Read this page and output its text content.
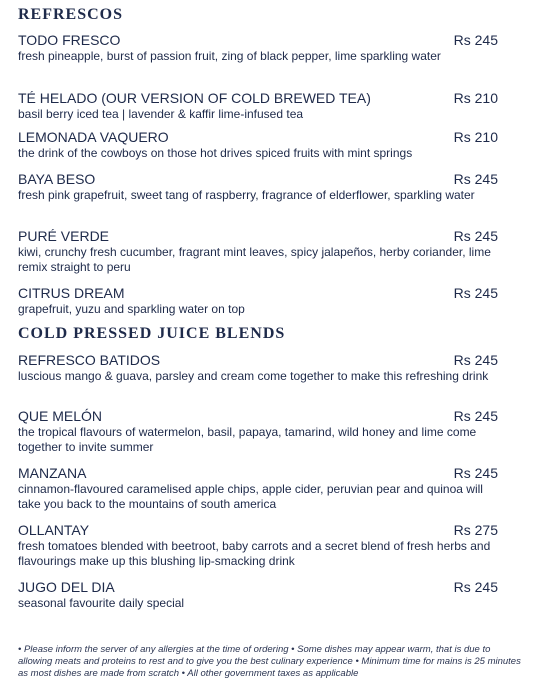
REFRESCOS
TODO FRESCO	Rs 245
fresh pineapple, burst of passion fruit, zing of black pepper, lime sparkling water
TÉ HELADO (OUR VERSION OF COLD BREWED TEA)	Rs 210
basil berry iced tea | lavender & kaffir lime-infused tea
LEMONADA VAQUERO	Rs 210
the drink of the cowboys on those hot drives spiced fruits with mint springs
BAYA BESO	Rs 245
fresh pink grapefruit, sweet tang of raspberry, fragrance of elderflower, sparkling water
PURÉ VERDE	Rs 245
kiwi, crunchy fresh cucumber, fragrant mint leaves, spicy jalapeños, herby coriander, lime remix straight to peru
CITRUS DREAM	Rs 245
grapefruit, yuzu and sparkling water on top
COLD PRESSED JUICE BLENDS
REFRESCO BATIDOS	Rs 245
luscious mango & guava, parsley and cream come together to make this refreshing drink
QUE MELÓN	Rs 245
the tropical flavours of watermelon, basil, papaya, tamarind, wild honey and lime come together to invite summer
MANZANA	Rs 245
cinnamon-flavoured caramelised apple chips, apple cider, peruvian pear and quinoa will take you back to the mountains of south america
OLLANTAY	Rs 275
fresh tomatoes blended with beetroot, baby carrots and a secret blend of fresh herbs and flavourings make up this blushing lip-smacking drink
JUGO DEL DIA	Rs 245
seasonal favourite daily special
• Please inform the server of any allergies at the time of ordering • Some dishes may appear warm, that is due to allowing meats and proteins to rest and to give you the best culinary experience • Minimum time for mains is 25 minutes as most dishes are made from scratch • All other government taxes as applicable
